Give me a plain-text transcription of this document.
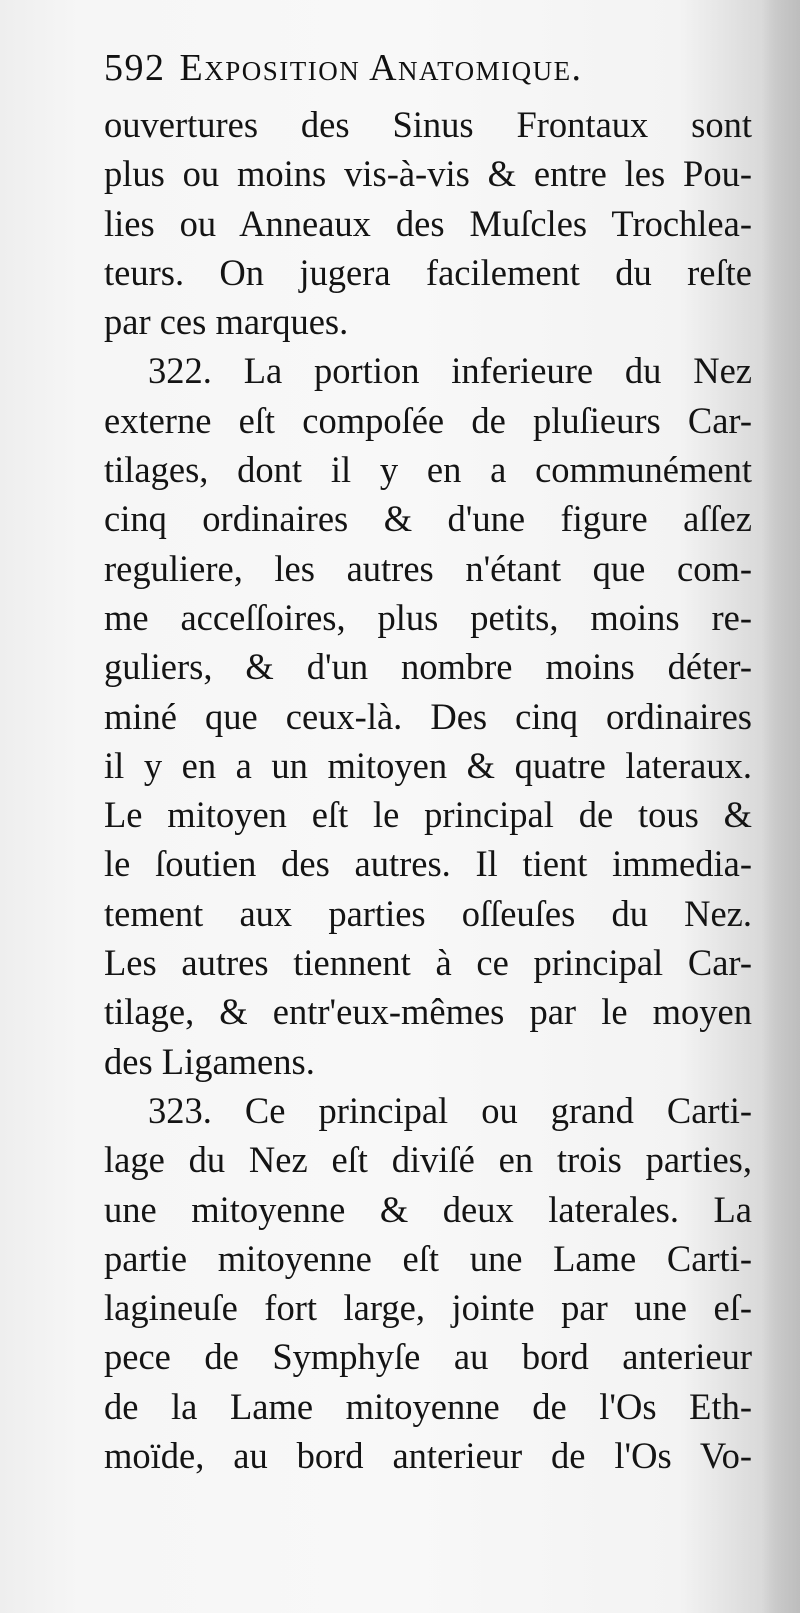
592 Exposition Anatomique.
ouvertures des Sinus Frontaux sont
plus ou moins vis-à-vis & entre les Pou-
lies ou Anneaux des Muſcles Trochlea-
teurs. On jugera facilement du reſte
par ces marques.
322. La portion inferieure du Nez
externe eſt compoſée de pluſieurs Car-
tilages, dont il y en a communément
cinq ordinaires & d'une figure aſſez
reguliere, les autres n'étant que com-
me acceſſoires, plus petits, moins re-
guliers, & d'un nombre moins déter-
miné que ceux-là. Des cinq ordinaires
il y en a un mitoyen & quatre lateraux.
Le mitoyen eſt le principal de tous &
le ſoutien des autres. Il tient immedia-
tement aux parties oſſeuſes du Nez.
Les autres tiennent à ce principal Car-
tilage, & entr'eux-mêmes par le moyen
des Ligamens.
323. Ce principal ou grand Carti-
lage du Nez eſt diviſé en trois parties,
une mitoyenne & deux laterales. La
partie mitoyenne eſt une Lame Carti-
lagineuſe fort large, jointe par une eſ-
pece de Symphyſe au bord anterieur
de la Lame mitoyenne de l'Os Eth-
moïde, au bord anterieur de l'Os Vo-
